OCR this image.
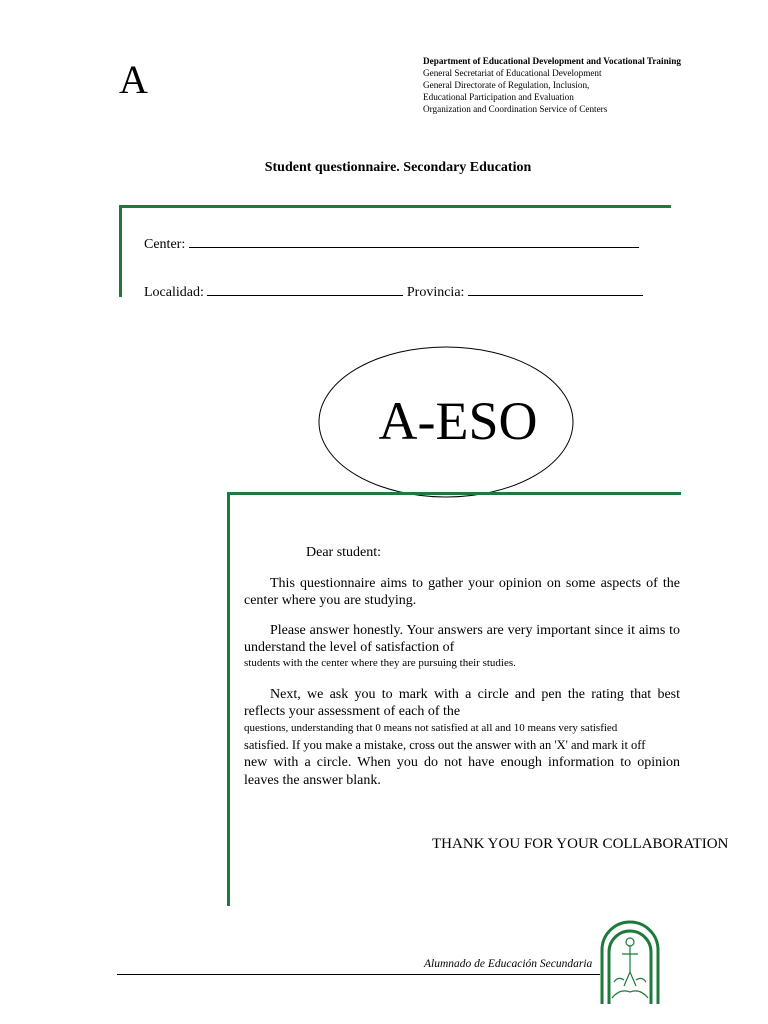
A	Department of Educational Development and Vocational Training
General Secretariat of Educational Development
General Directorate of Regulation, Inclusion,
Educational Participation and Evaluation
Organization and Coordination Service of Centers
Student questionnaire. Secondary Education
Center:
Localidad:	Provincia:
A-ESO
Dear student:
This questionnaire aims to gather your opinion on some aspects of the center where you are studying.
Please answer honestly. Your answers are very important since it aims to understand the level of satisfaction of
students with the center where they are pursuing their studies.
Next, we ask you to mark with a circle and pen the rating that best reflects your assessment of each of the
questions, understanding that 0 means not satisfied at all and 10 means very satisfied
satisfied. If you make a mistake, cross out the answer with an 'X' and mark it off
new with a circle. When you do not have enough information to opinion leaves the answer blank.
THANK YOU FOR YOUR COLLABORATION
Alumnado de Educación Secundaria
